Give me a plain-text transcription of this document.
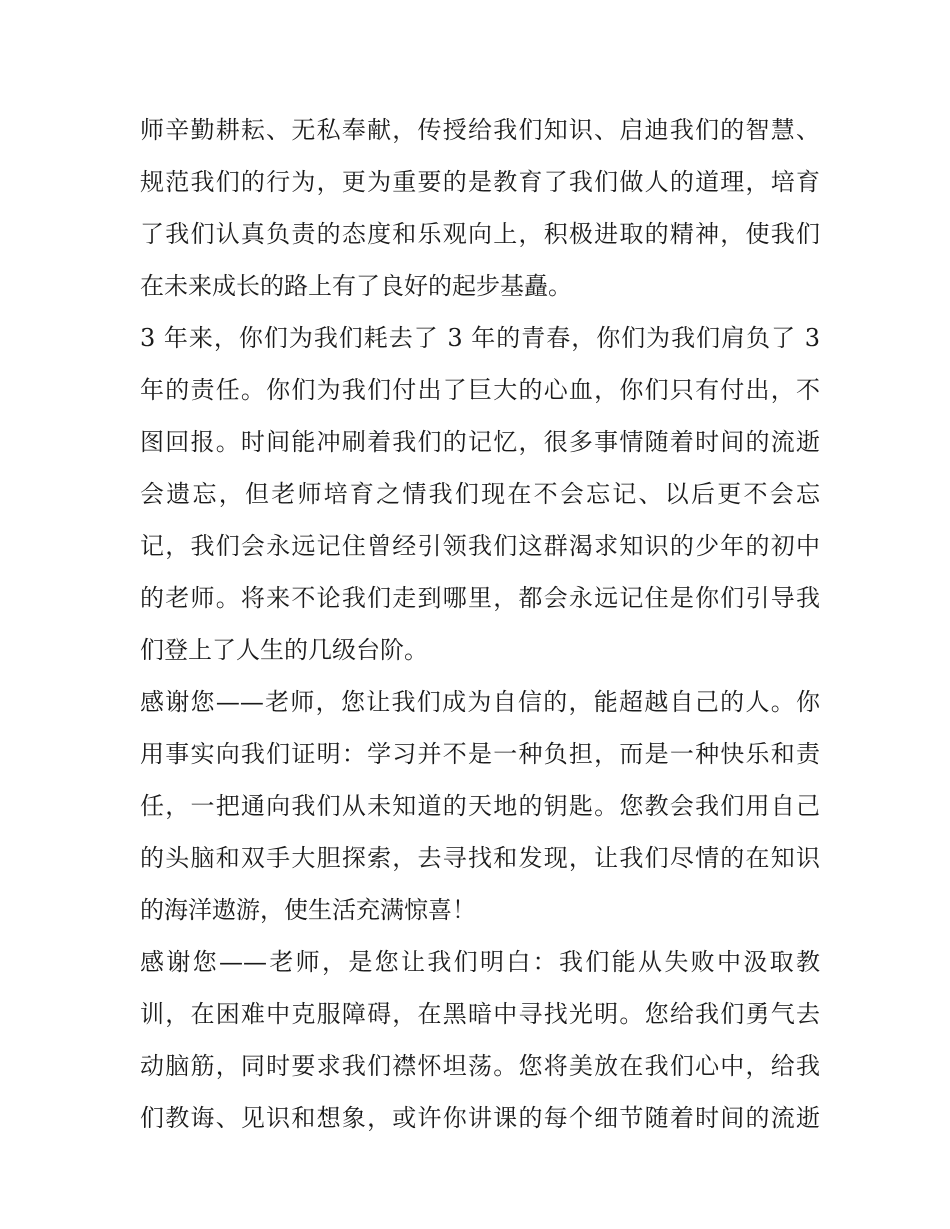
师辛勤耕耘、无私奉献，传授给我们知识、启迪我们的智慧、
规范我们的行为，更为重要的是教育了我们做人的道理，培育
了我们认真负责的态度和乐观向上，积极进取的精神，使我们
在未来成长的路上有了良好的起步基矗。
3 年来，你们为我们耗去了 3 年的青春，你们为我们肩负了 3
年的责任。你们为我们付出了巨大的心血，你们只有付出，不
图回报。时间能冲刷着我们的记忆，很多事情随着时间的流逝
会遗忘，但老师培育之情我们现在不会忘记、以后更不会忘
记，我们会永远记住曾经引领我们这群渴求知识的少年的初中
的老师。将来不论我们走到哪里，都会永远记住是你们引导我
们登上了人生的几级台阶。
感谢您——老师，您让我们成为自信的，能超越自己的人。你
用事实向我们证明：学习并不是一种负担，而是一种快乐和责
任，一把通向我们从未知道的天地的钥匙。您教会我们用自己
的头脑和双手大胆探索，去寻找和发现，让我们尽情的在知识
的海洋遨游，使生活充满惊喜！
感谢您——老师，是您让我们明白：我们能从失败中汲取教
训，在困难中克服障碍，在黑暗中寻找光明。您给我们勇气去
动脑筋，同时要求我们襟怀坦荡。您将美放在我们心中，给我
们教诲、见识和想象，或许你讲课的每个细节随着时间的流逝
